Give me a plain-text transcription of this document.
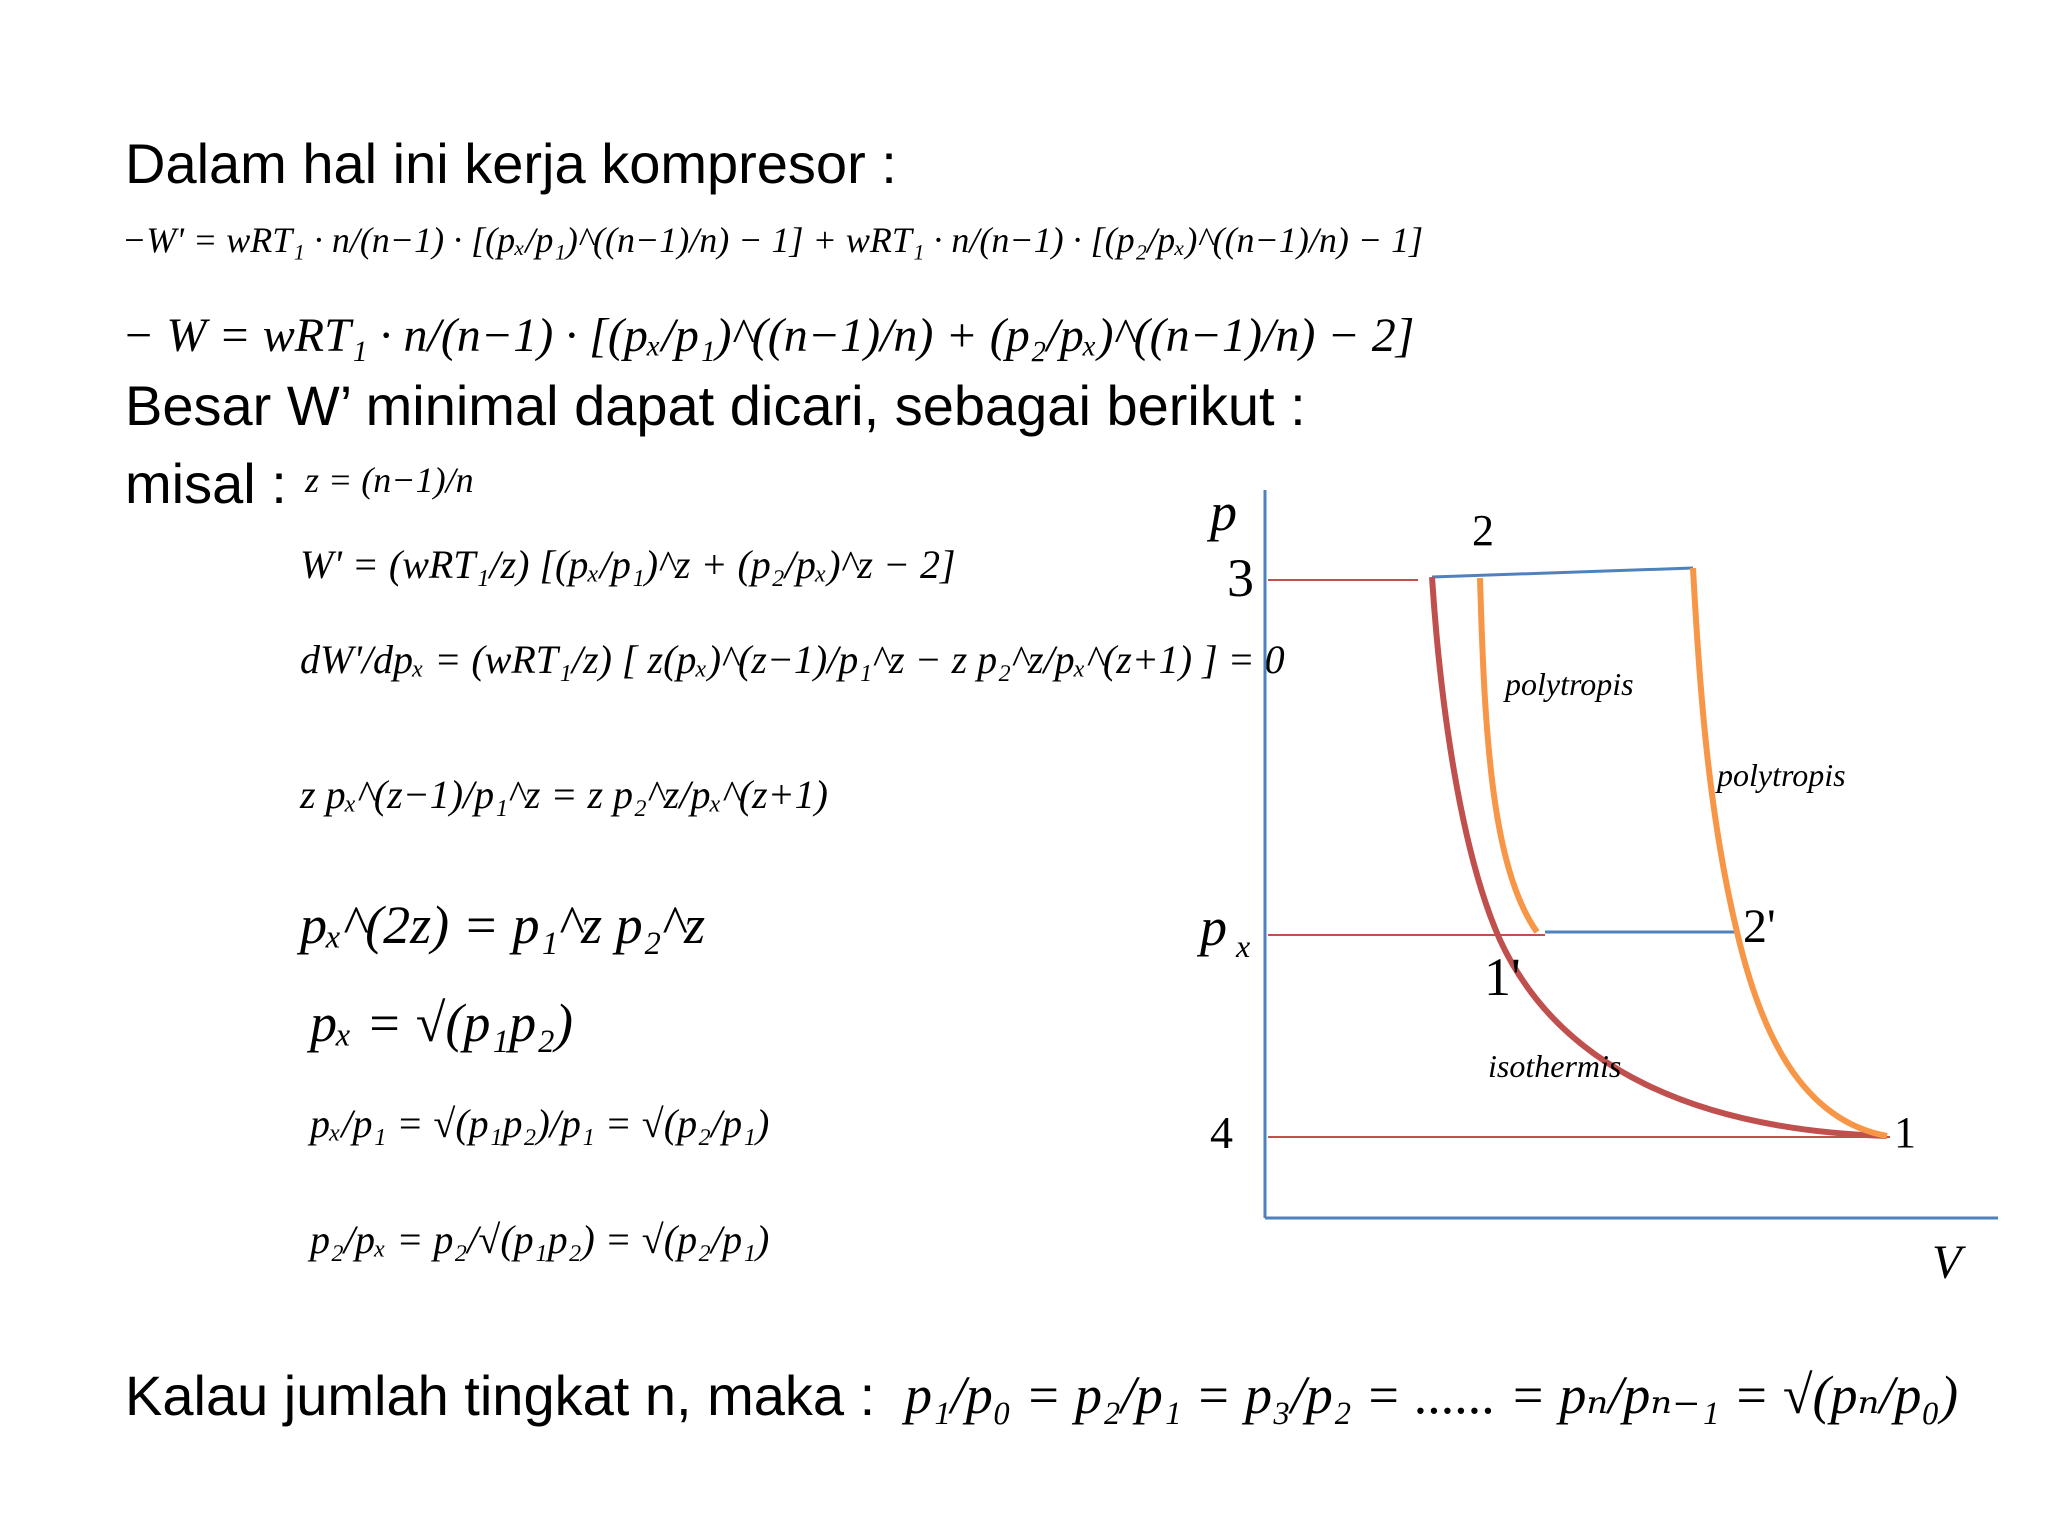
Dalam hal ini kerja kompresor :
−W' = wRT₁ · n/(n−1) · [(pₓ/p₁)^((n−1)/n) − 1] + wRT₁ · n/(n−1) · [(p₂/pₓ)^((n−1)/n) − 1]
− W = wRT₁ · n/(n−1) · [(pₓ/p₁)^((n−1)/n) + (p₂/pₓ)^((n−1)/n) − 2]
Besar W’ minimal dapat dicari, sebagai berikut :
misal : z = (n−1)/n
W' = (wRT₁/z) [(pₓ/p₁)^z + (p₂/pₓ)^z − 2]
dW'/dpₓ = (wRT₁/z) [ z(pₓ)^(z−1)/p₁^z − z p₂^z/pₓ^(z+1) ] = 0
z pₓ^(z−1)/p₁^z = z p₂^z/pₓ^(z+1)
pₓ^(2z) = p₁^z p₂^z
pₓ = √(p₁p₂)
pₓ/p₁ = √(p₁p₂)/p₁ = √(p₂/p₁)
p₂/pₓ = p₂/√(p₁p₂) = √(p₂/p₁)
Kalau jumlah tingkat n, maka : p₁/p₀ = p₂/p₁ = p₃/p₂ = ...... = pₙ/pₙ₋₁ = √(pₙ/p₀)
p
V
3
p x
4
2
2'
1'
1
polytropis
polytropis
isothermis
